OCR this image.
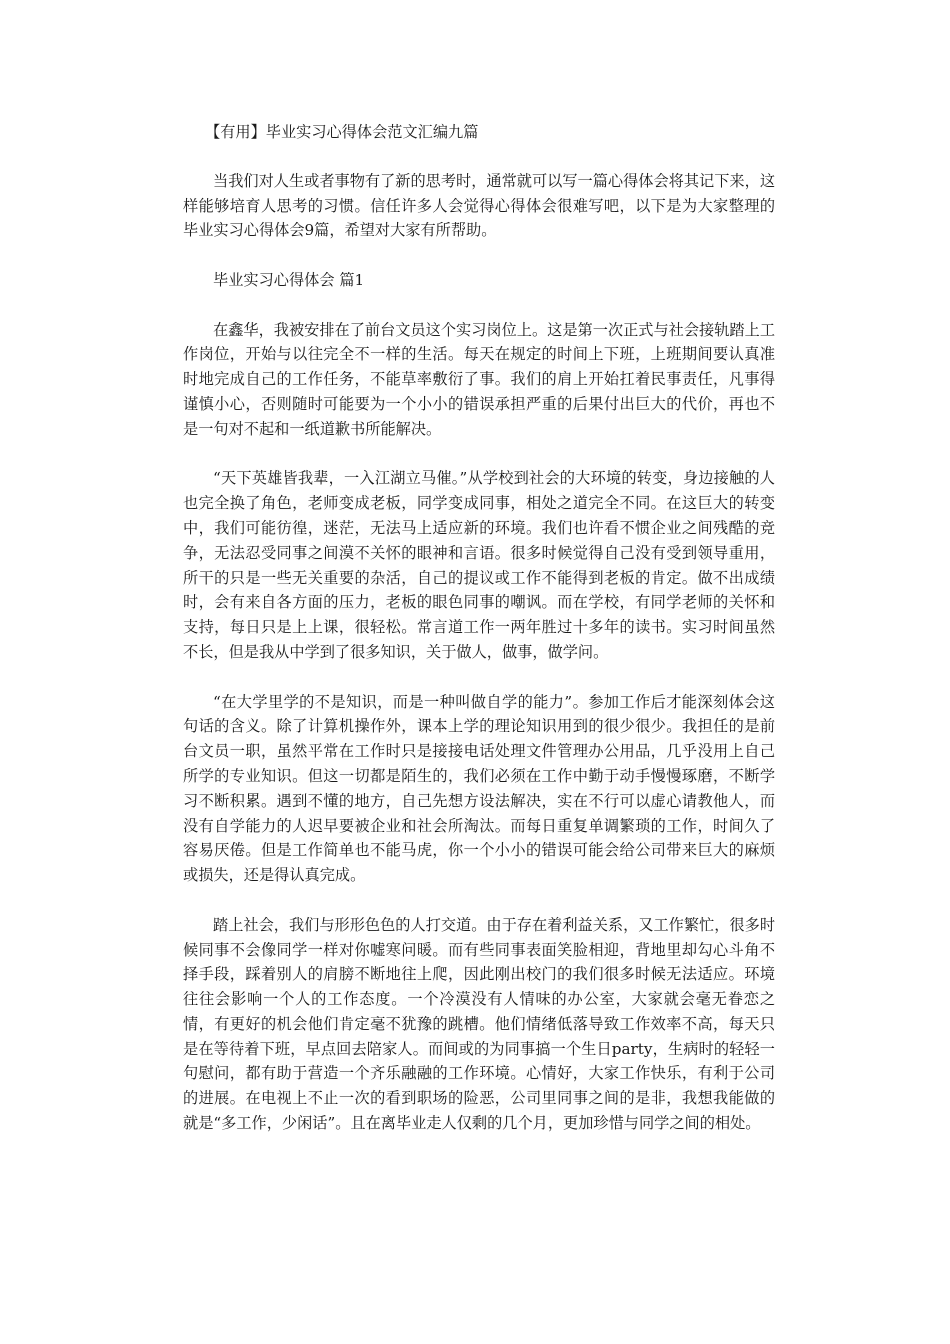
【有用】毕业实习心得体会范文汇编九篇

当我们对人生或者事物有了新的思考时，通常就可以写一篇心得体会将其记下来，这样能够培育人思考的习惯。信任许多人会觉得心得体会很难写吧，以下是为大家整理的毕业实习心得体会9篇，希望对大家有所帮助。

毕业实习心得体会 篇1

在鑫华，我被安排在了前台文员这个实习岗位上。这是第一次正式与社会接轨踏上工作岗位，开始与以往完全不一样的生活。每天在规定的时间上下班，上班期间要认真准时地完成自己的工作任务，不能草率敷衍了事。我们的肩上开始扛着民事责任，凡事得谨慎小心，否则随时可能要为一个小小的错误承担严重的后果付出巨大的代价，再也不是一句对不起和一纸道歉书所能解决。

“天下英雄皆我辈，一入江湖立马催。”从学校到社会的大环境的转变，身边接触的人也完全换了角色，老师变成老板，同学变成同事，相处之道完全不同。在这巨大的转变中，我们可能彷徨，迷茫，无法马上适应新的环境。我们也许看不惯企业之间残酷的竞争，无法忍受同事之间漠不关怀的眼神和言语。很多时候觉得自己没有受到领导重用，所干的只是一些无关重要的杂活，自己的提议或工作不能得到老板的肯定。做不出成绩时，会有来自各方面的压力，老板的眼色同事的嘲讽。而在学校，有同学老师的关怀和支持，每日只是上上课，很轻松。常言道工作一两年胜过十多年的读书。实习时间虽然不长，但是我从中学到了很多知识，关于做人，做事，做学问。

“在大学里学的不是知识，而是一种叫做自学的能力”。参加工作后才能深刻体会这句话的含义。除了计算机操作外，课本上学的理论知识用到的很少很少。我担任的是前台文员一职，虽然平常在工作时只是接接电话处理文件管理办公用品，几乎没用上自己所学的专业知识。但这一切都是陌生的，我们必须在工作中勤于动手慢慢琢磨，不断学习不断积累。遇到不懂的地方，自己先想方设法解决，实在不行可以虚心请教他人，而没有自学能力的人迟早要被企业和社会所淘汰。而每日重复单调繁琐的工作，时间久了容易厌倦。但是工作简单也不能马虎，你一个小小的错误可能会给公司带来巨大的麻烦或损失，还是得认真完成。

踏上社会，我们与形形色色的人打交道。由于存在着利益关系，又工作繁忙，很多时候同事不会像同学一样对你嘘寒问暖。而有些同事表面笑脸相迎，背地里却勾心斗角不择手段，踩着别人的肩膀不断地往上爬，因此刚出校门的我们很多时候无法适应。环境往往会影响一个人的工作态度。一个冷漠没有人情味的办公室，大家就会毫无眷恋之情，有更好的机会他们肯定毫不犹豫的跳槽。他们情绪低落导致工作效率不高，每天只是在等待着下班，早点回去陪家人。而间或的为同事搞一个生日party，生病时的轻轻一句慰问，都有助于营造一个齐乐融融的工作环境。心情好，大家工作快乐，有利于公司的进展。在电视上不止一次的看到职场的险恶，公司里同事之间的是非，我想我能做的就是“多工作，少闲话”。且在离毕业走人仅剩的几个月，更加珍惜与同学之间的相处。
